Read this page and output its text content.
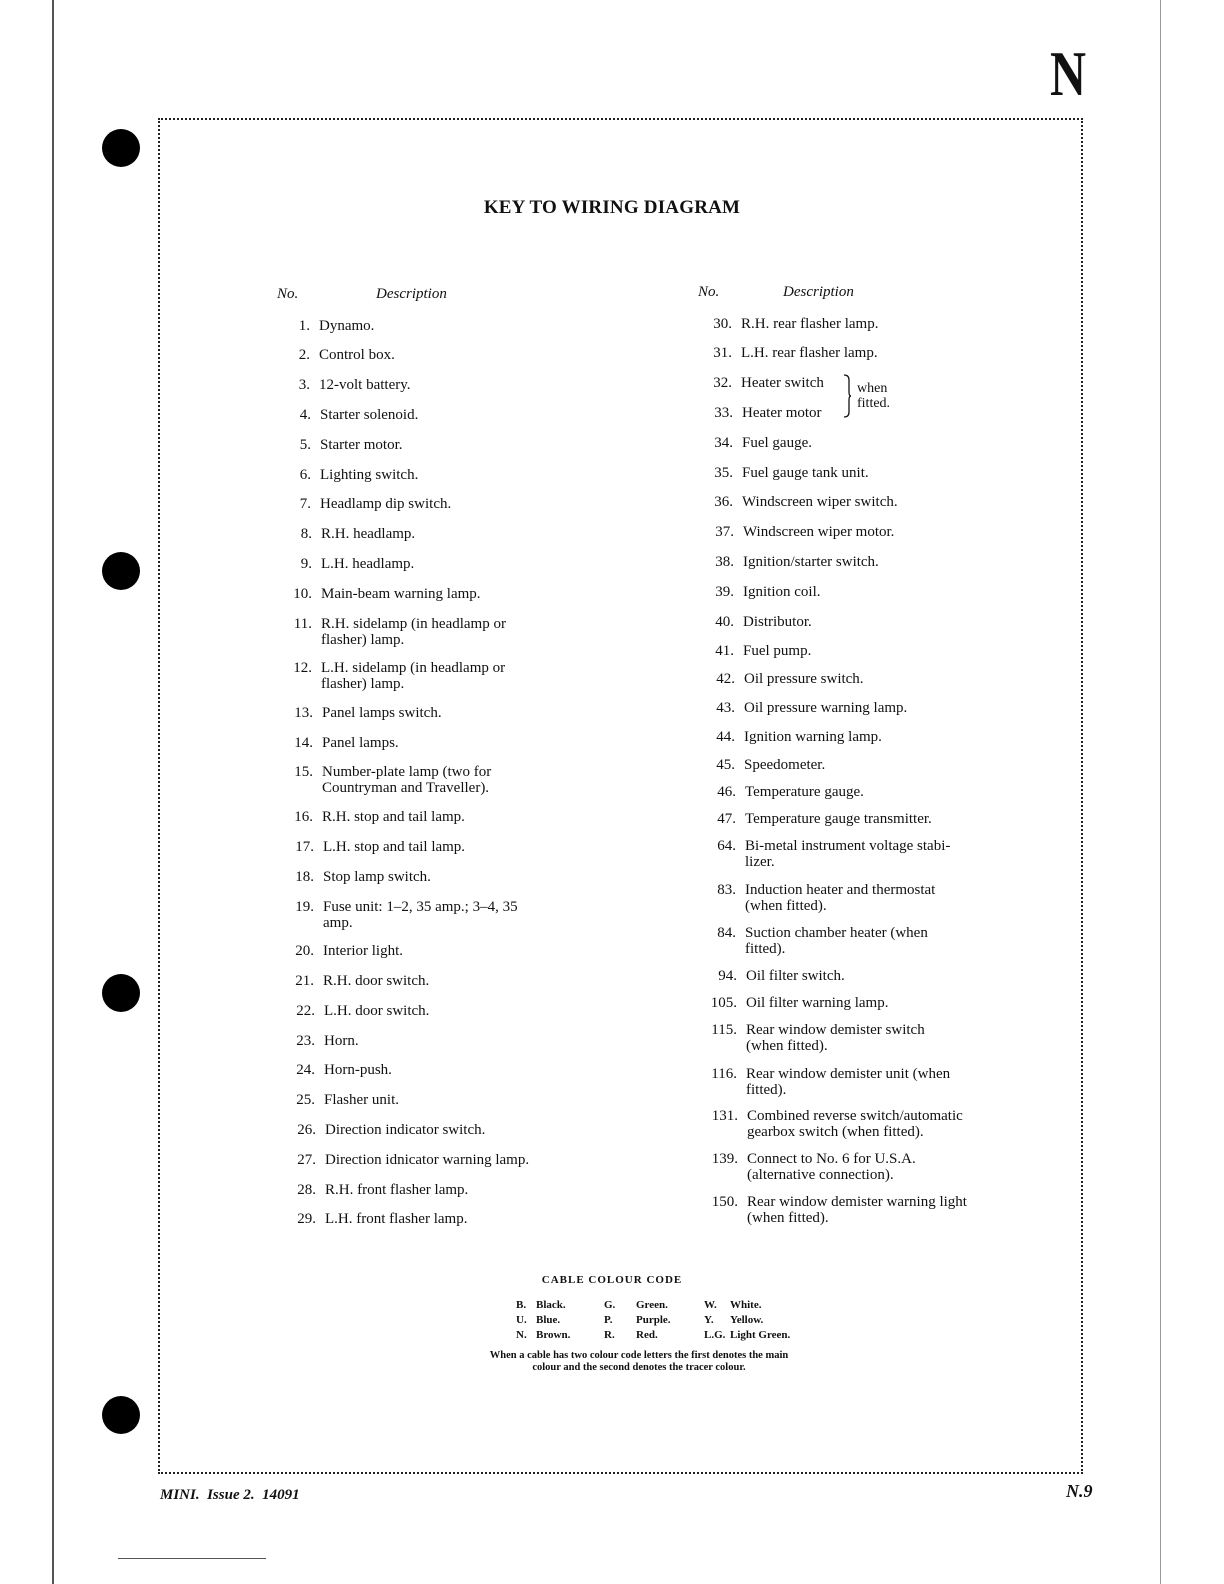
N
KEY TO WIRING DIAGRAM
No.	Description	No.	Description
1. Dynamo.
2. Control box.
3. 12-volt battery.
4. Starter solenoid.
5. Starter motor.
6. Lighting switch.
7. Headlamp dip switch.
8. R.H. headlamp.
9. L.H. headlamp.
10. Main-beam warning lamp.
11. R.H. sidelamp (in headlamp or
flasher) lamp.
12. L.H. sidelamp (in headlamp or
flasher) lamp.
13. Panel lamps switch.
14. Panel lamps.
15. Number-plate lamp (two for
Countryman and Traveller).
16. R.H. stop and tail lamp.
17. L.H. stop and tail lamp.
18. Stop lamp switch.
19. Fuse unit: 1–2, 35 amp.; 3–4, 35
amp.
20. Interior light.
21. R.H. door switch.
22. L.H. door switch.
23. Horn.
24. Horn-push.
25. Flasher unit.
26. Direction indicator switch.
27. Direction idnicator warning lamp.
28. R.H. front flasher lamp.
29. L.H. front flasher lamp.
30. R.H. rear flasher lamp.
31. L.H. rear flasher lamp.
32. Heater switch
33. Heater motor
34. Fuel gauge.
35. Fuel gauge tank unit.
36. Windscreen wiper switch.
37. Windscreen wiper motor.
38. Ignition/starter switch.
39. Ignition coil.
40. Distributor.
41. Fuel pump.
42. Oil pressure switch.
43. Oil pressure warning lamp.
44. Ignition warning lamp.
45. Speedometer.
46. Temperature gauge.
47. Temperature gauge transmitter.
64. Bi-metal instrument voltage stabi-
lizer.
83. Induction heater and thermostat
(when fitted).
84. Suction chamber heater (when
fitted).
94. Oil filter switch.
105. Oil filter warning lamp.
115. Rear window demister switch
(when fitted).
116. Rear window demister unit (when
fitted).
131. Combined reverse switch/automatic
gearbox switch (when fitted).
139. Connect to No. 6 for U.S.A.
(alternative connection).
150. Rear window demister warning light
(when fitted).
when
fitted.
CABLE COLOUR CODE
B. Black.	G. Green.	W. White.
U. Blue.	P. Purple.	Y. Yellow.
N. Brown.	R. Red.	L.G. Light Green.
When a cable has two colour code letters the first denotes the main
colour and the second denotes the tracer colour.
MINI.  Issue 2.  14091	N.9
